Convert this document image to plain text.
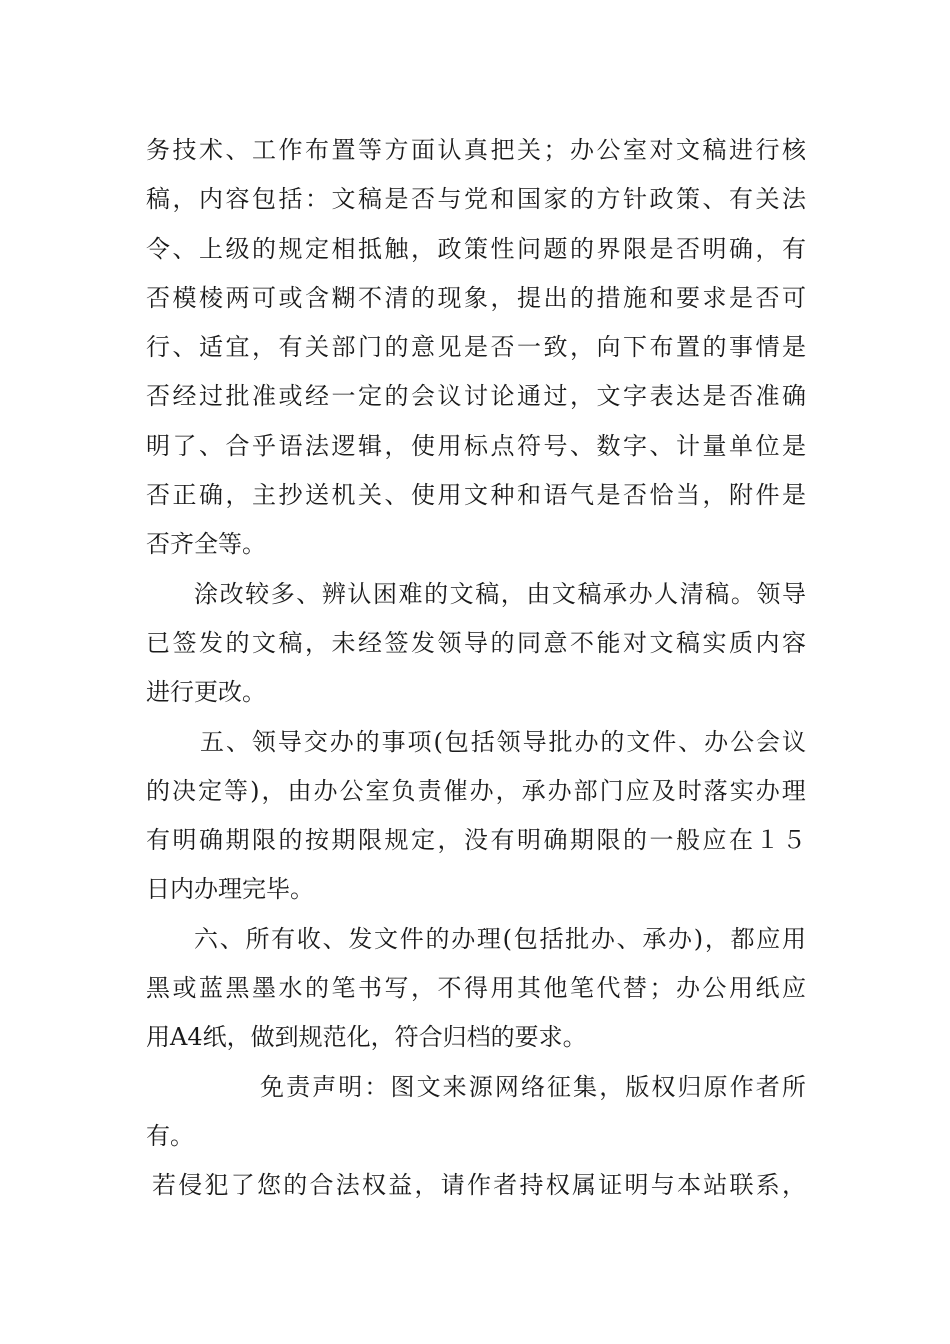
务 技 术 、 工 作 布 置 等 方 面 认 真 把 关 ； 办 公 室 对 文 稿 进 行 核
稿 ， 内 容 包 括 ： 文 稿 是 否 与 党 和 国 家 的 方 针 政 策 、 有 关 法
令 、 上 级 的 规 定 相 抵 触 ， 政 策 性 问 题 的 界 限 是 否 明 确 ， 有
否 模 棱 两 可 或 含 糊 不 清 的 现 象 ， 提 出 的 措 施 和 要 求 是 否 可
行 、 适 宜 ， 有 关 部 门 的 意 见 是 否 一 致 ， 向 下 布 置 的 事 情 是
否 经 过 批 准 或 经 一 定 的 会 议 讨 论 通 过 ， 文 字 表 达 是 否 准 确
明 了 、 合 乎 语 法 逻 辑 ， 使 用 标 点 符 号 、 数 字 、 计 量 单 位 是
否 正 确 ， 主 抄 送 机 关 、 使 用 文 种 和 语 气 是 否 恰 当 ， 附 件 是
否齐全等。
涂 改 较 多 、 辨 认 困 难 的 文 稿 ， 由 文 稿 承 办 人 清 稿 。 领 导
已 签 发 的 文 稿 ， 未 经 签 发 领 导 的 同 意 不 能 对 文 稿 实 质 内 容
进行更改。
五 、 领 导 交 办 的 事 项 ( 包 括 领 导 批 办 的 文 件 、 办 公 会 议
的 决 定 等 ) ， 由 办 公 室 负 责 催 办 ， 承 办 部 门 应 及 时 落 实 办 理
有 明 确 期 限 的 按 期 限 规 定 ， 没 有 明 确 期 限 的 一 般 应 在 １ ５
日内办理完毕。
六 、 所 有 收 、 发 文 件 的 办 理 ( 包 括 批 办 、 承 办 ) ， 都 应 用
黑 或 蓝 黑 墨 水 的 笔 书 写 ， 不 得 用 其 他 笔 代 替 ； 办 公 用 纸 应
用A4纸，做到规范化，符合归档的要求。
免 责 声 明 ： 图 文 来 源 网 络 征 集 ， 版 权 归 原 作 者 所
有。
若 侵 犯 了 您 的 合 法 权 益 ， 请 作 者 持 权 属 证 明 与 本 站 联 系 ，
